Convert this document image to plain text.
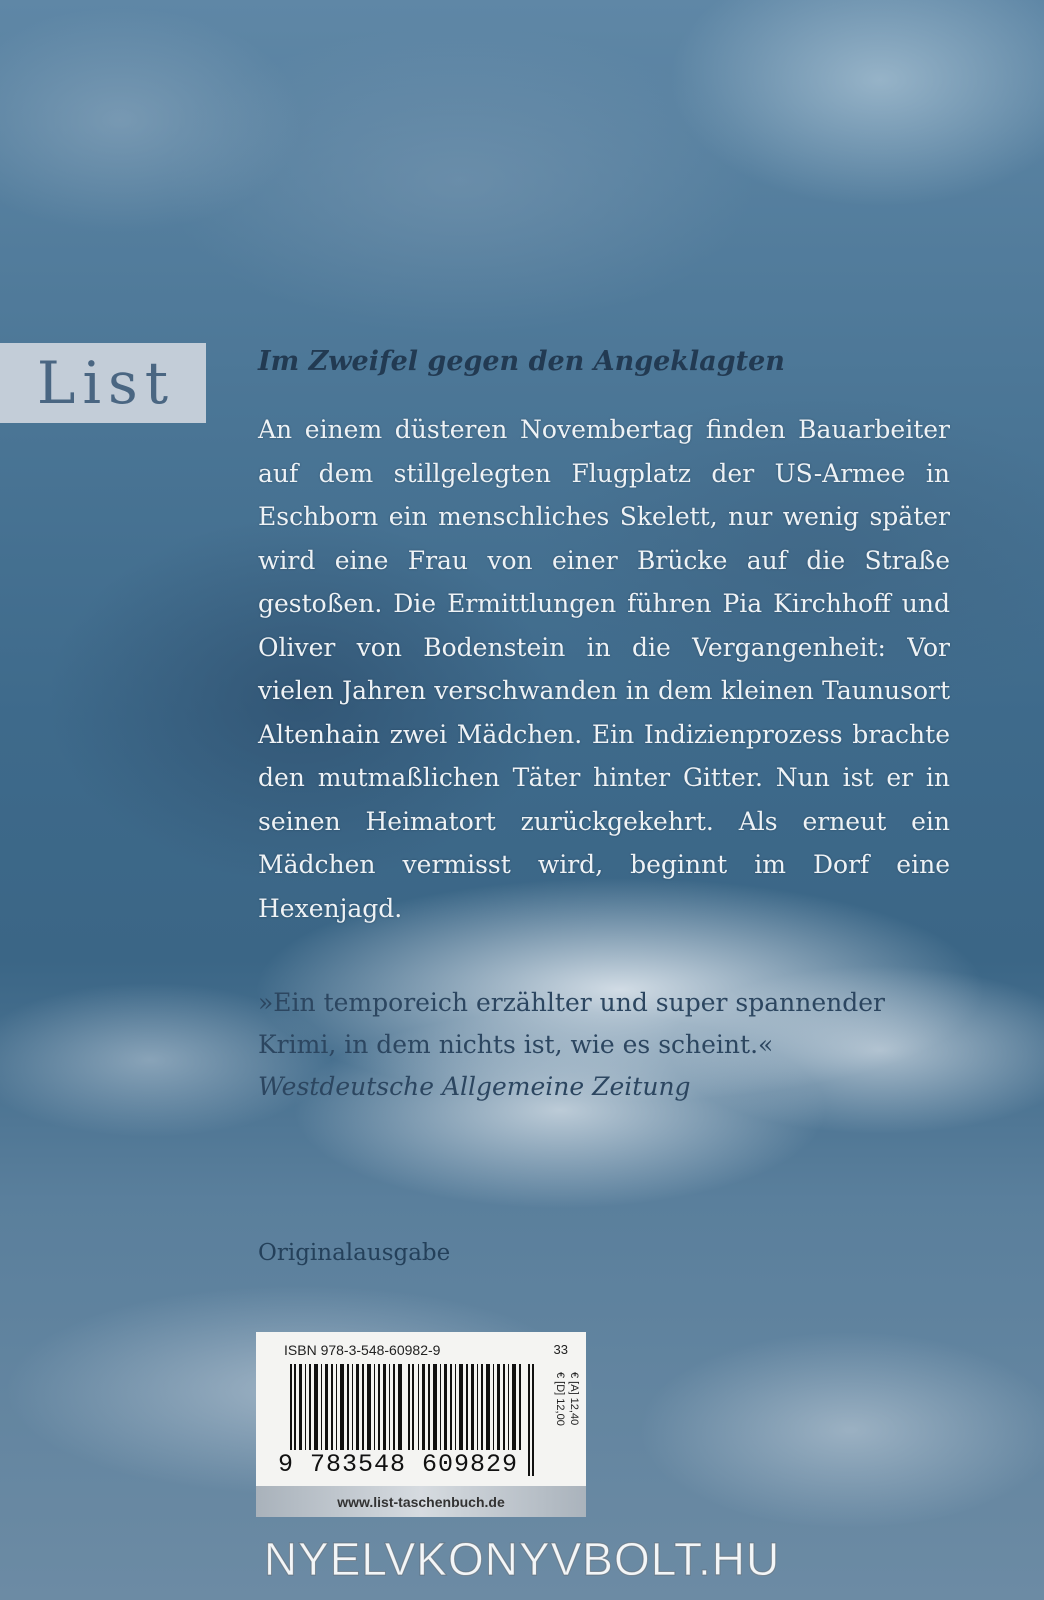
List	Im Zweifel gegen den Angeklagten

An einem düsteren Novembertag finden Bauarbeiter auf dem stillgelegten Flugplatz der US-Armee in Eschborn ein menschliches Skelett, nur wenig später wird eine Frau von einer Brücke auf die Straße gestoßen. Die Ermittlungen führen Pia Kirchhoff und Oliver von Bodenstein in die Vergangenheit: Vor vielen Jahren verschwanden in dem kleinen Taunusort Altenhain zwei Mädchen. Ein Indizienprozess brachte den mutmaßlichen Täter hinter Gitter. Nun ist er in seinen Heimatort zurückgekehrt. Als erneut ein Mädchen vermisst wird, beginnt im Dorf eine Hexenjagd.

»Ein temporeich erzählter und super spannender Krimi, in dem nichts ist, wie es scheint.«
Westdeutsche Allgemeine Zeitung
Originalausgabe
ISBN 978-3-548-60982-9	33
9 783548 609829
€ [D] 12,00 € [A] 12,40
www.list-taschenbuch.de
NYELVKONYVBOLT.HU
